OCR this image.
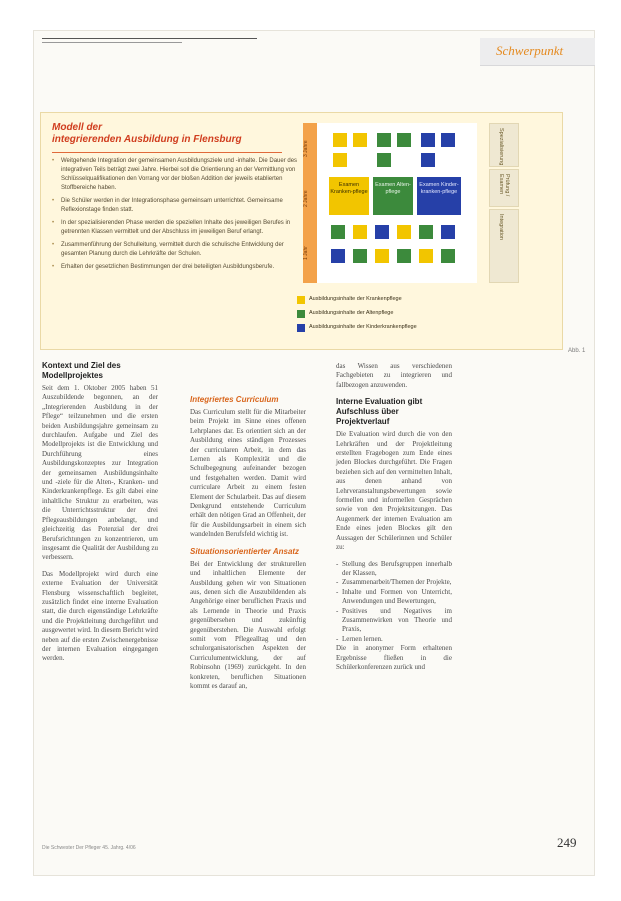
Schwerpunkt
Modell der
integrierenden Ausbildung in Flensburg
• Weitgehende Integration der gemeinsamen Ausbildungsziele und -inhalte. Die Dauer des integrativen Teils beträgt zwei Jahre. Hierbei soll die Orientierung an der Vermittlung von Schlüsselqualifikationen den Vorrang vor der bloßen Addition der jeweils etablierten Stoffbereiche haben.
• Die Schüler werden in der Integrationsphase gemeinsam unterrichtet. Gemeinsame Reflexionstage finden statt.
• In der spezialisierenden Phase werden die speziellen Inhalte des jeweiligen Berufes in getrennten Klassen vermittelt und der Abschluss im jeweiligen Beruf erlangt.
• Zusammenführung der Schulleitung, vermittelt durch die schulische Entwicklung der gesamten Planung durch die Lehrkräfte der Schulen.
• Erhalten der gesetzlichen Bestimmungen der drei beteiligten Ausbildungsberufe.
3 Jahre
2 Jahre
1 Jahr
Examen Kranken-pflege
Examen Alten-pflege
Examen Kinder-kranken-pflege
Spezialisierung
Prüfung / Examen
Integration
Ausbildungsinhalte der Krankenpflege
Ausbildungsinhalte der Altenpflege
Ausbildungsinhalte der Kinderkrankenpflege
Abb. 1
Kontext und Ziel des Modellprojektes

Seit dem 1. Oktober 2005 haben 51 Auszubildende begonnen, an der „Integrierenden Ausbildung in der Pflege“ teilzunehmen und die ersten beiden Ausbildungsjahre gemeinsam zu durchlaufen. Aufgabe und Ziel des Modellprojekts ist die Entwicklung und Durchführung eines Ausbildungskonzeptes zur Integration der gemeinsamen Ausbildungsinhalte und -ziele für die Alten-, Kranken- und Kinderkrankenpflege. Es gilt dabei eine inhaltliche Struktur zu erarbeiten, was die Unterrichtsstruktur der drei Pflegeausbildungen anbelangt, und gleichzeitig das Potenzial der drei Berufsrichtungen zu konzentrieren, um insgesamt die Qualität der Ausbildung zu verbessern.

Das Modellprojekt wird durch eine externe Evaluation der Universität Flensburg wissenschaftlich begleitet, zusätzlich findet eine interne Evaluation statt, die durch eigenständige Lehrkräfte und die Projektleitung durchgeführt und ausgewertet wird. In diesem Bericht wird neben auf die ersten Zwischenergebnisse der internen Evaluation eingegangen werden.

Integriertes Curriculum

Das Curriculum stellt für die Mitarbeiter beim Projekt im Sinne eines offenen Lehrplanes dar. Es orientiert sich an der Ausbildung eines ständigen Prozesses der curricularen Arbeit, in dem das Lernen als Komplexität und die Schulbegegnung aufeinander bezogen und festgehalten werden. Damit wird curriculare Arbeit zu einem festen Element der Schularbeit. Das auf diesem Denkgrund entstehende Curriculum erhält den nötigen Grad an Offenheit, der für die Ausbildungsarbeit in einem sich wandelnden Berufsfeld wichtig ist.

Situationsorientierter Ansatz

Bei der Entwicklung der strukturellen und inhaltlichen Elemente der Ausbildung gehen wir von Situationen aus, denen sich die Auszubildenden als Angehörige einer beruflichen Praxis und als Lernende in Theorie und Praxis gegenübersehen und zukünftig gegenüberstehen. Die Auswahl erfolgt somit vom Pflegealltag und den schulorganisatorischen Aspekten der Curriculumentwicklung, der auf Robinsohn (1969) zurückgeht. In den konkreten, beruflichen Situationen kommt es darauf an,

das Wissen aus verschiedenen Fachgebieten zu integrieren und fallbezogen anzuwenden.

Interne Evaluation gibt Aufschluss über Projektverlauf

Die Evaluation wird durch die von den Lehrkräften und der Projektleitung erstellten Fragebogen zum Ende eines jeden Blockes durchgeführt. Die Fragen beziehen sich auf den vermittelten Inhalt, aus denen anhand von Lehrveranstaltungsbewertungen sowie formellen und informellen Gesprächen sowie von den Projektsitzungen. Das Augenmerk der internen Evaluation am Ende eines jeden Blockes gilt den Aussagen der Schülerinnen und Schüler zu:

- Stellung des Berufsgruppen innerhalb der Klassen,
- Zusammenarbeit/Themen der Projekte,
- Inhalte und Formen von Unterricht, Anwendungen und Bewertungen,
- Positives und Negatives im Zusammenwirken von Theorie und Praxis,
- Lernen lernen.

Die in anonymer Form erhaltenen Ergebnisse fließen in die Schülerkonferenzen zurück und

Die Schwester Der Pfleger 45. Jahrg. 4/06	249
